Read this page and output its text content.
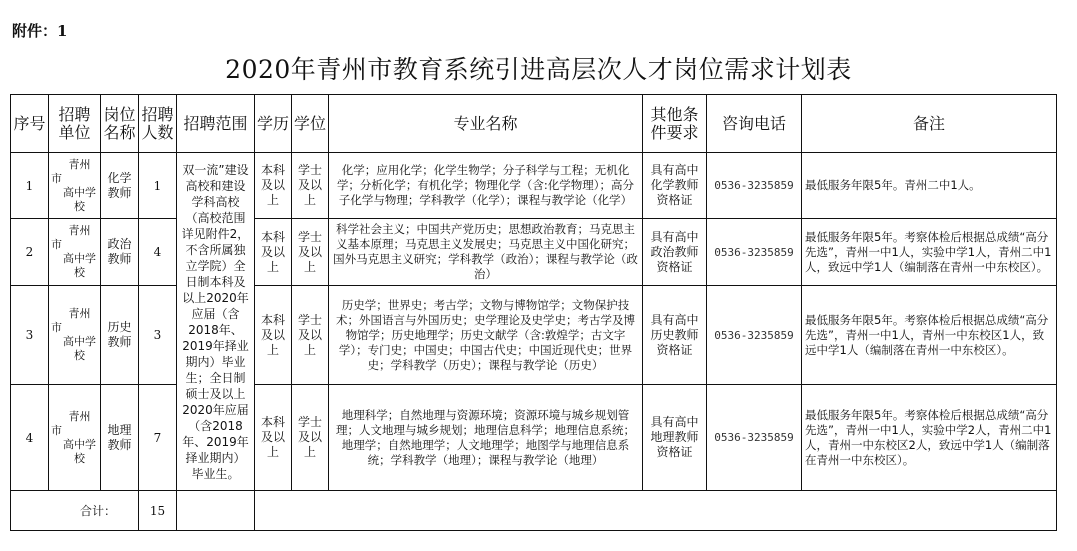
附件：1
2020年青州市教育系统引进高层次人才岗位需求计划表
序号	招聘单位	岗位名称	招聘人数	招聘范围	学历	学位	专业名称	其他条件要求	咨询电话	备注
1	青州
市
高中学校	化学教师	1	双一流”建设高校和建设学科高校（高校范围详见附件2，不含所属独立学院）全日制本科及以上2020年应届（含2018年、2019年择业期内）毕业生；全日制硕士及以上2020年应届（含2018年、2019年择业期内）毕业生。	本科及以上	学士及以上	化学；应用化学；化学生物学；分子科学与工程；无机化学；分析化学；有机化学；物理化学（含:化学物理）；高分子化学与物理；学科教学（化学）；课程与教学论（化学）	具有高中化学教师资格证	0536-3235859	最低服务年限5年。青州二中1人。
2	青州
市
高中学校	政治教师	4		本科及以上	学士及以上	科学社会主义；中国共产党历史；思想政治教育；马克思主义基本原理；马克思主义发展史；马克思主义中国化研究；国外马克思主义研究；学科教学（政治）；课程与教学论（政治）	具有高中政治教师资格证	0536-3235859	最低服务年限5年。考察体检后根据总成绩“高分先选”，青州一中1人，实验中学1人，青州二中1人，致远中学1人（编制落在青州一中东校区）。
3	青州
市
高中学校	历史教师	3		本科及以上	学士及以上	历史学；世界史；考古学；文物与博物馆学；文物保护技术；外国语言与外国历史；史学理论及史学史；考古学及博物馆学；历史地理学；历史文献学（含:敦煌学；古文字学）；专门史；中国史；中国古代史；中国近现代史；世界史；学科教学（历史）；课程与教学论（历史）	具有高中历史教师资格证	0536-3235859	最低服务年限5年。考察体检后根据总成绩“高分先选”，青州一中1人，青州一中东校区1人，致远中学1人（编制落在青州一中东校区）。
4	青州
市
高中学校	地理教师	7		本科及以上	学士及以上	地理科学；自然地理与资源环境；资源环境与城乡规划管理；人文地理与城乡规划；地理信息科学；地理信息系统；地理学；自然地理学；人文地理学；地图学与地理信息系统；学科教学（地理）；课程与教学论（地理）	具有高中地理教师资格证	0536-3235859	最低服务年限5年。考察体检后根据总成绩“高分先选”，青州一中1人，实验中学2人，青州二中1人，青州一中东校区2人，致远中学1人（编制落在青州一中东校区）。
合计：			15							
